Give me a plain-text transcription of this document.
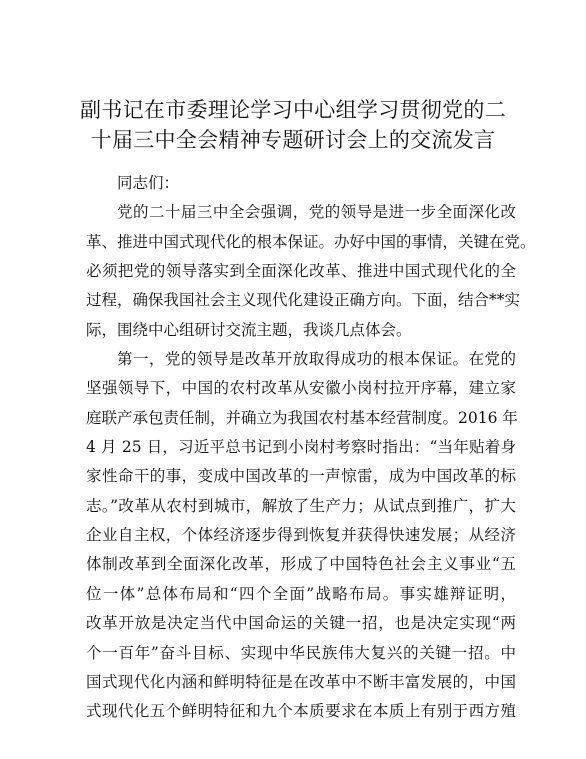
副书记在市委理论学习中心组学习贯彻党的二
十届三中全会精神专题研讨会上的交流发言
同志们：
党的二十届三中全会强调，党的领导是进一步全面深化改
革、推进中国式现代化的根本保证。办好中国的事情，关键在党。
必须把党的领导落实到全面深化改革、推进中国式现代化的全
过程，确保我国社会主义现代化建设正确方向。下面，结合**实
际，围绕中心组研讨交流主题，我谈几点体会。
第一，党的领导是改革开放取得成功的根本保证。在党的
坚强领导下，中国的农村改革从安徽小岗村拉开序幕，建立家
庭联产承包责任制，并确立为我国农村基本经营制度。2016 年
4 月 25 日，习近平总书记到小岗村考察时指出：“当年贴着身
家性命干的事，变成中国改革的一声惊雷，成为中国改革的标
志。”改革从农村到城市，解放了生产力；从试点到推广，扩大
企业自主权，个体经济逐步得到恢复并获得快速发展；从经济
体制改革到全面深化改革，形成了中国特色社会主义事业“五
位一体”总体布局和“四个全面”战略布局。事实雄辩证明，
改革开放是决定当代中国命运的关键一招，也是决定实现“两
个一百年”奋斗目标、实现中华民族伟大复兴的关键一招。中
国式现代化内涵和鲜明特征是在改革中不断丰富发展的，中国
式现代化五个鲜明特征和九个本质要求在本质上有别于西方殖
